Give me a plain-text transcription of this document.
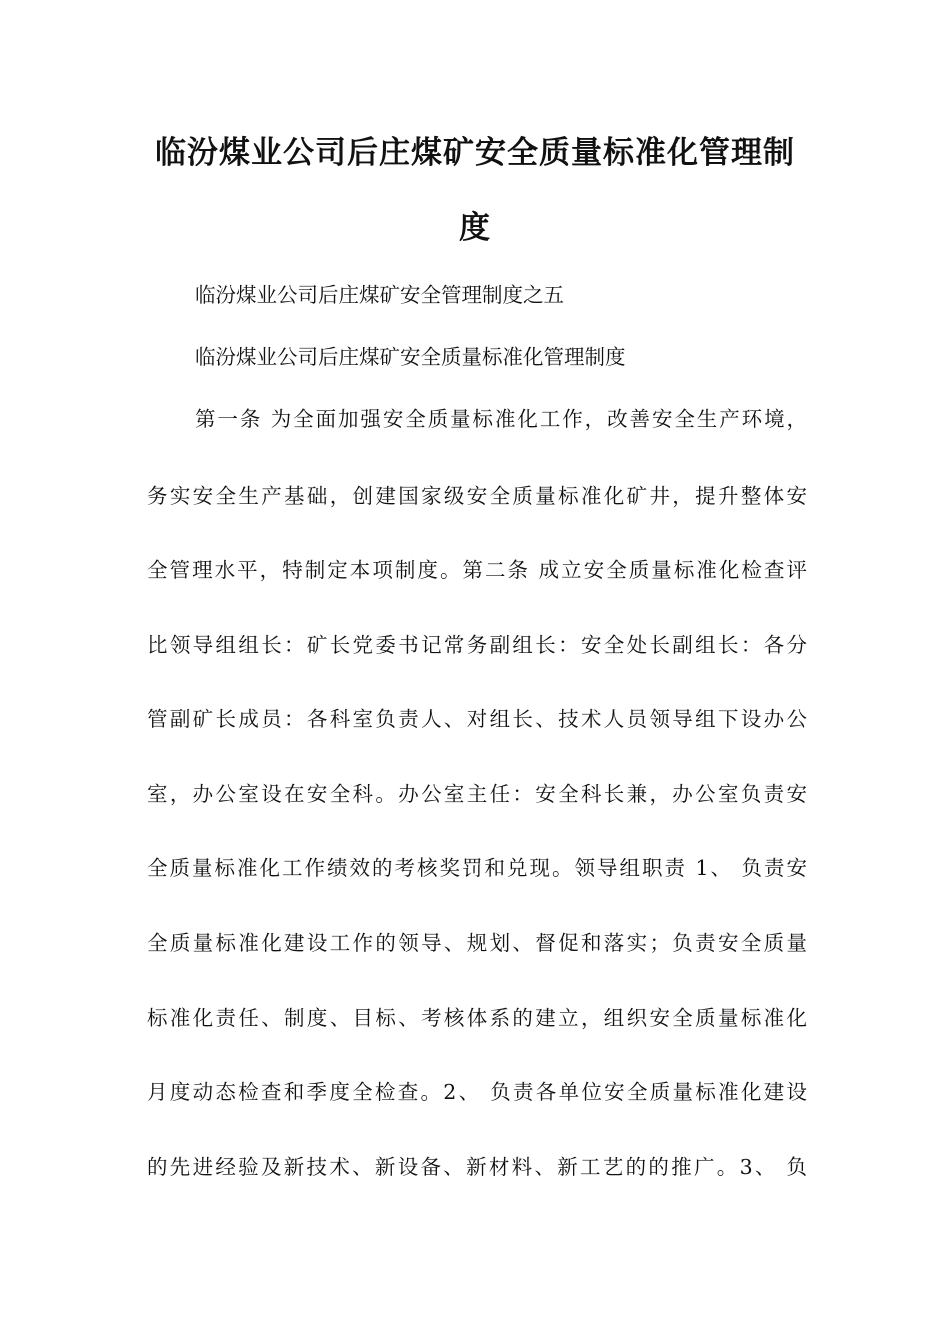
临汾煤业公司后庄煤矿安全质量标准化管理制
度
临汾煤业公司后庄煤矿安全管理制度之五
临汾煤业公司后庄煤矿安全质量标准化管理制度
第一条 为全面加强安全质量标准化工作，改善安全生产环境，
务实安全生产基础，创建国家级安全质量标准化矿井，提升整体安
全管理水平，特制定本项制度。第二条 成立安全质量标准化检查评
比领导组组长：矿长党委书记常务副组长：安全处长副组长：各分
管副矿长成员：各科室负责人、对组长、技术人员领导组下设办公
室，办公室设在安全科。办公室主任：安全科长兼，办公室负责安
全质量标准化工作绩效的考核奖罚和兑现。领导组职责 1、 负责安
全质量标准化建设工作的领导、规划、督促和落实；负责安全质量
标准化责任、制度、目标、考核体系的建立，组织安全质量标准化
月度动态检查和季度全检查。2、 负责各单位安全质量标准化建设
的先进经验及新技术、新设备、新材料、新工艺的的推广。3、 负
